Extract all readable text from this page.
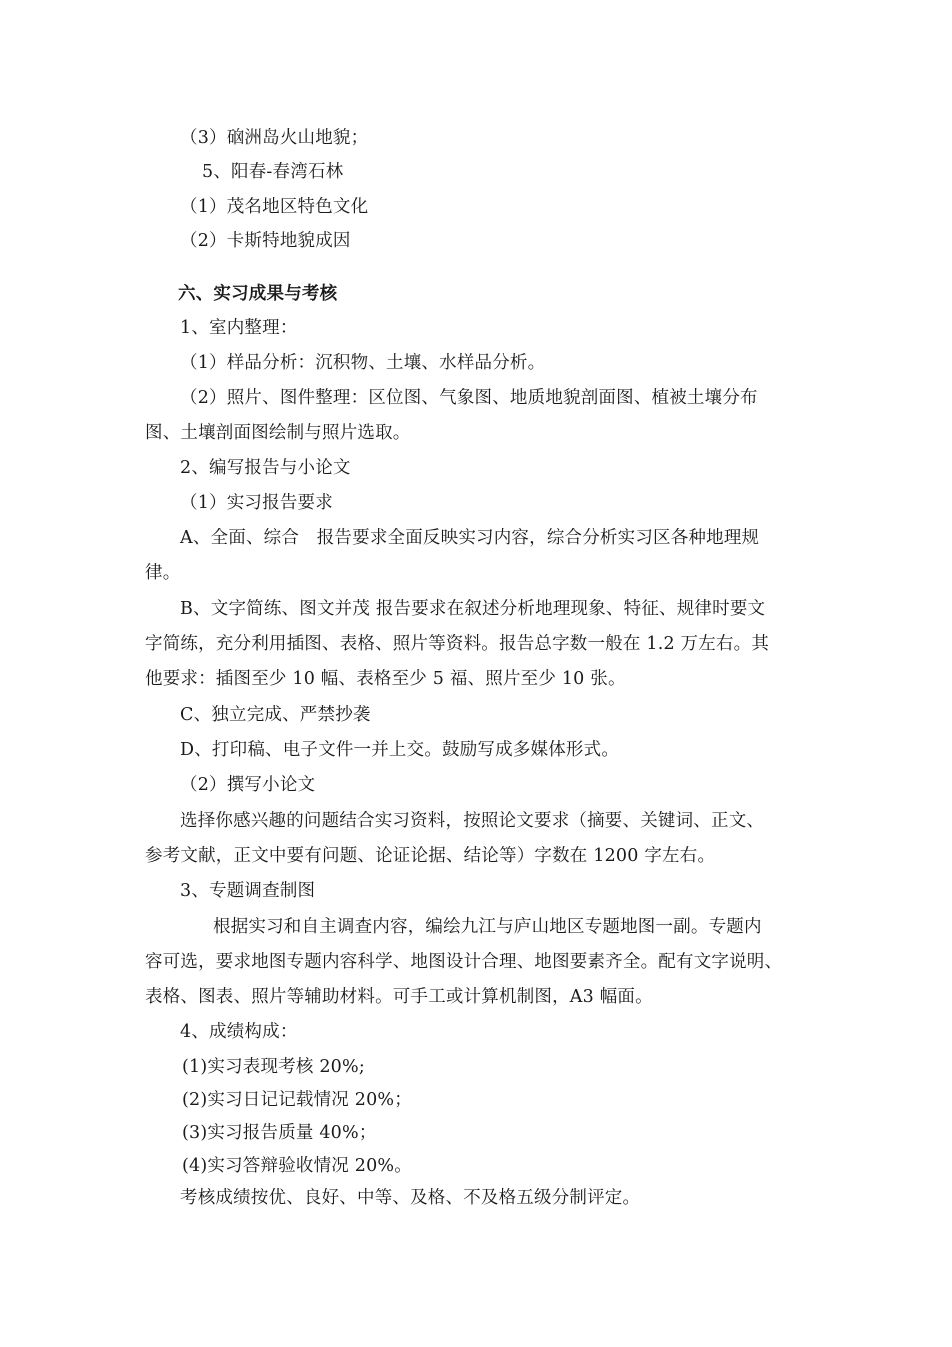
（3）硇洲岛火山地貌；
5、阳春-春湾石林
（1）茂名地区特色文化
（2）卡斯特地貌成因
六、实习成果与考核
1、室内整理：
（1）样品分析：沉积物、土壤、水样品分析。
（2）照片、图件整理：区位图、气象图、地质地貌剖面图、植被土壤分布
图、土壤剖面图绘制与照片选取。
2、编写报告与小论文
（1）实习报告要求
A、全面、综合　报告要求全面反映实习内容，综合分析实习区各种地理规
律。
B、文字简练、图文并茂 报告要求在叙述分析地理现象、特征、规律时要文
字简练，充分利用插图、表格、照片等资料。报告总字数一般在 1.2 万左右。其
他要求：插图至少 10 幅、表格至少 5 福、照片至少 10 张。
C、独立完成、严禁抄袭
D、打印稿、电子文件一并上交。鼓励写成多媒体形式。
（2）撰写小论文
选择你感兴趣的问题结合实习资料，按照论文要求（摘要、关键词、正文、
参考文献，正文中要有问题、论证论据、结论等）字数在 1200 字左右。
3、专题调查制图
根据实习和自主调查内容，编绘九江与庐山地区专题地图一副。专题内
容可选，要求地图专题内容科学、地图设计合理、地图要素齐全。配有文字说明、
表格、图表、照片等辅助材料。可手工或计算机制图，A3 幅面。
4、成绩构成：
(1)实习表现考核 20%;
(2)实习日记记载情况 20%；
(3)实习报告质量 40%；
(4)实习答辩验收情况 20%。
考核成绩按优、良好、中等、及格、不及格五级分制评定。
